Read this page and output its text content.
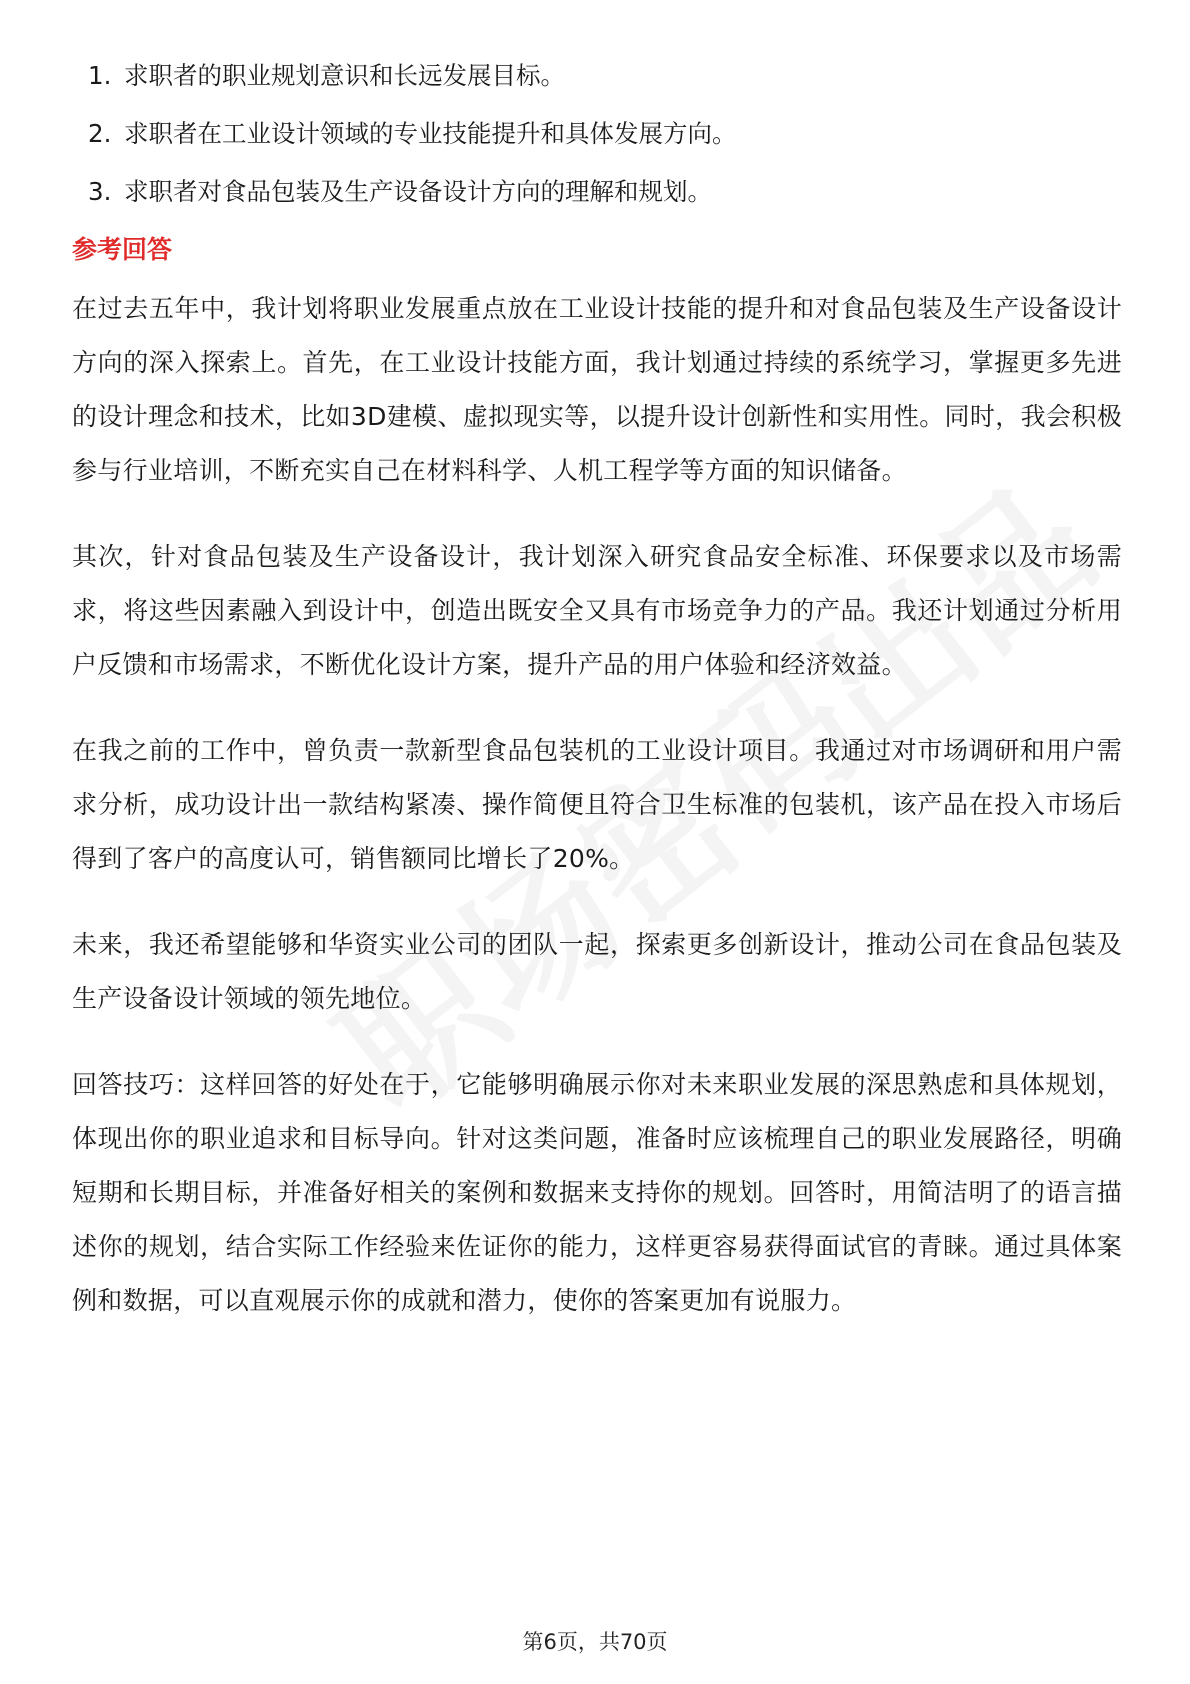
1. 求职者的职业规划意识和长远发展目标。
2. 求职者在工业设计领域的专业技能提升和具体发展方向。
3. 求职者对食品包装及生产设备设计方向的理解和规划。
参考回答

在过去五年中，我计划将职业发展重点放在工业设计技能的提升和对食品包装及生产设备设计方向的深入探索上。首先，在工业设计技能方面，我计划通过持续的系统学习，掌握更多先进的设计理念和技术，比如3D建模、虚拟现实等，以提升设计创新性和实用性。同时，我会积极参与行业培训，不断充实自己在材料科学、人机工程学等方面的知识储备。

其次，针对食品包装及生产设备设计，我计划深入研究食品安全标准、环保要求以及市场需求，将这些因素融入到设计中，创造出既安全又具有市场竞争力的产品。我还计划通过分析用户反馈和市场需求，不断优化设计方案，提升产品的用户体验和经济效益。

在我之前的工作中，曾负责一款新型食品包装机的工业设计项目。我通过对市场调研和用户需求分析，成功设计出一款结构紧凑、操作简便且符合卫生标准的包装机，该产品在投入市场后得到了客户的高度认可，销售额同比增长了20%。

未来，我还希望能够和华资实业公司的团队一起，探索更多创新设计，推动公司在食品包装及生产设备设计领域的领先地位。

回答技巧：这样回答的好处在于，它能够明确展示你对未来职业发展的深思熟虑和具体规划，体现出你的职业追求和目标导向。针对这类问题，准备时应该梳理自己的职业发展路径，明确短期和长期目标，并准备好相关的案例和数据来支持你的规划。回答时，用简洁明了的语言描述你的规划，结合实际工作经验来佐证你的能力，这样更容易获得面试官的青睐。通过具体案例和数据，可以直观展示你的成就和潜力，使你的答案更加有说服力。

第6页，共70页
